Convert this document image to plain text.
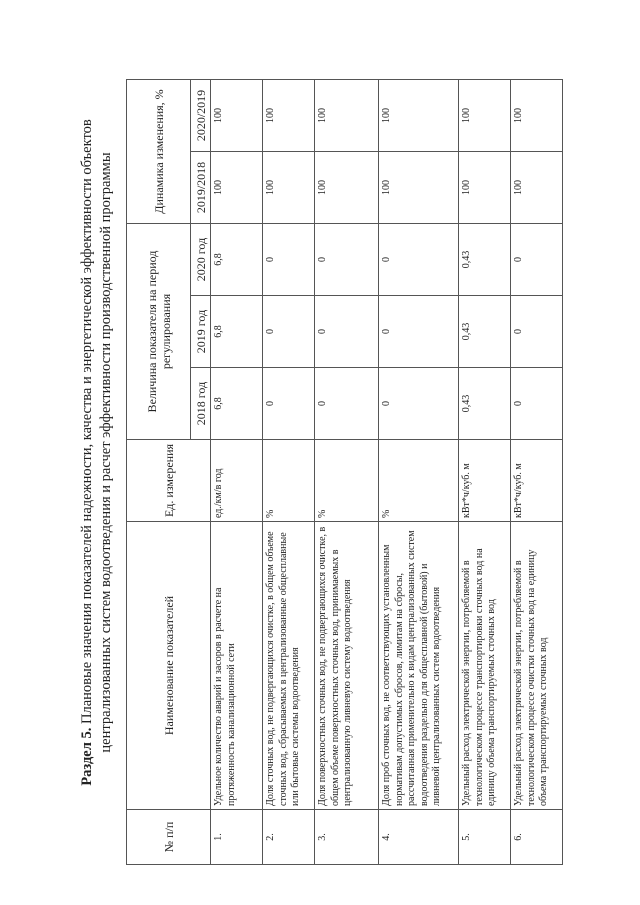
Раздел 5. Плановые значения показателей надежности, качества и энергетической эффективности объектов централизованных систем водоотведения и расчет эффективности производственной программы
№ п/п	Наименование показателей	Ед. измерения	Величина показателя на период регулирования			Динамика изменения, %	
			2018 год	2019 год	2020 год	2019/2018	2020/2019
1.	Удельное количество аварий и засоров в расчете на протяженность канализационной сети	ед./км/в год	6,8	6,8	6,8	100	100
2.	Доля сточных вод, не подвергающихся очистке, в общем объеме сточных вод, сбрасываемых в централизованные общесплавные или бытовые системы водоотведения	%	0	0	0	100	100
3.	Доля поверхностных сточных вод, не подвергающихся очистке, в общем объеме поверхностных сточных вод, принимаемых в централизованную ливневую систему водоотведения	%	0	0	0	100	100
4.	Доля проб сточных вод, не соответствующих установленным нормативам допустимых сбросов, лимитам на сбросы, рассчитанная применительно к видам централизованных систем водоотведения раздельно для общесплавной (бытовой) и ливневой централизованных систем водоотведения	%	0	0	0	100	100
5.	Удельный расход электрической энергии, потребляемой в технологическом процессе транспортировки сточных вод на единицу объема транспортируемых сточных вод	кВт*ч/куб. м	0,43	0,43	0,43	100	100
6.	Удельный расход электрической энергии, потребляемой в технологическом процессе очистки сточных вод на единицу объема транспортируемых сточных вод	кВт*ч/куб. м	0	0	0	100	100
